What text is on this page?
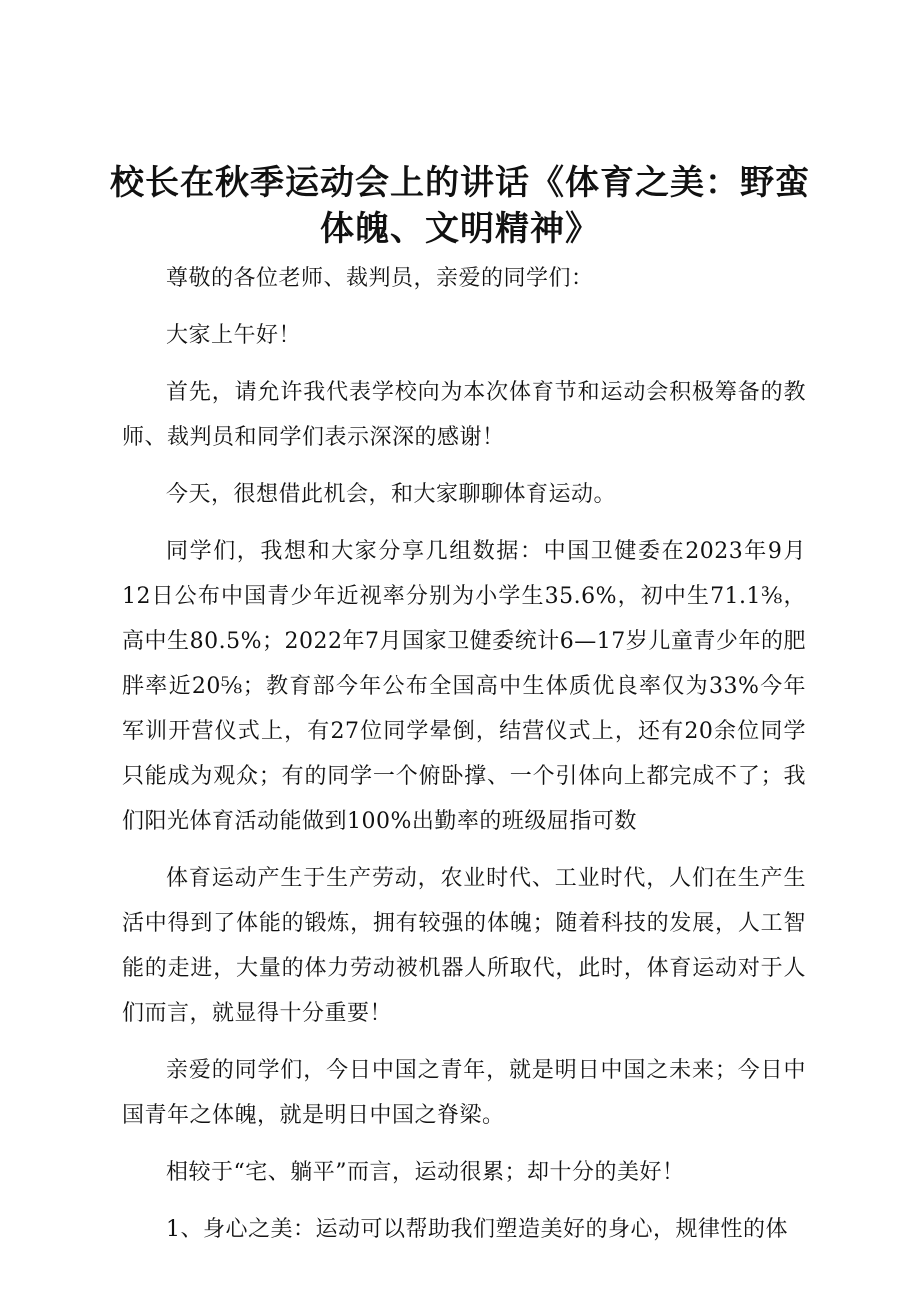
校长在秋季运动会上的讲话《体育之美：野蛮体魄、文明精神》

尊敬的各位老师、裁判员，亲爱的同学们：

大家上午好！

首先，请允许我代表学校向为本次体育节和运动会积极筹备的教师、裁判员和同学们表示深深的感谢！

今天，很想借此机会，和大家聊聊体育运动。

同学们，我想和大家分享几组数据：中国卫健委在2023年9月12日公布中国青少年近视率分别为小学生35.6%，初中生71.1⅜，高中生80.5%；2022年7月国家卫健委统计6—17岁儿童青少年的肥胖率近20⅝；教育部今年公布全国高中生体质优良率仅为33%今年军训开营仪式上，有27位同学晕倒，结营仪式上，还有20余位同学只能成为观众；有的同学一个俯卧撑、一个引体向上都完成不了；我们阳光体育活动能做到100%出勤率的班级屈指可数

体育运动产生于生产劳动，农业时代、工业时代，人们在生产生活中得到了体能的锻炼，拥有较强的体魄；随着科技的发展，人工智能的走进，大量的体力劳动被机器人所取代，此时，体育运动对于人们而言，就显得十分重要！

亲爱的同学们，今日中国之青年，就是明日中国之未来；今日中国青年之体魄，就是明日中国之脊梁。

相较于“宅、躺平”而言，运动很累；却十分的美好！

1、身心之美：运动可以帮助我们塑造美好的身心，规律性的体
